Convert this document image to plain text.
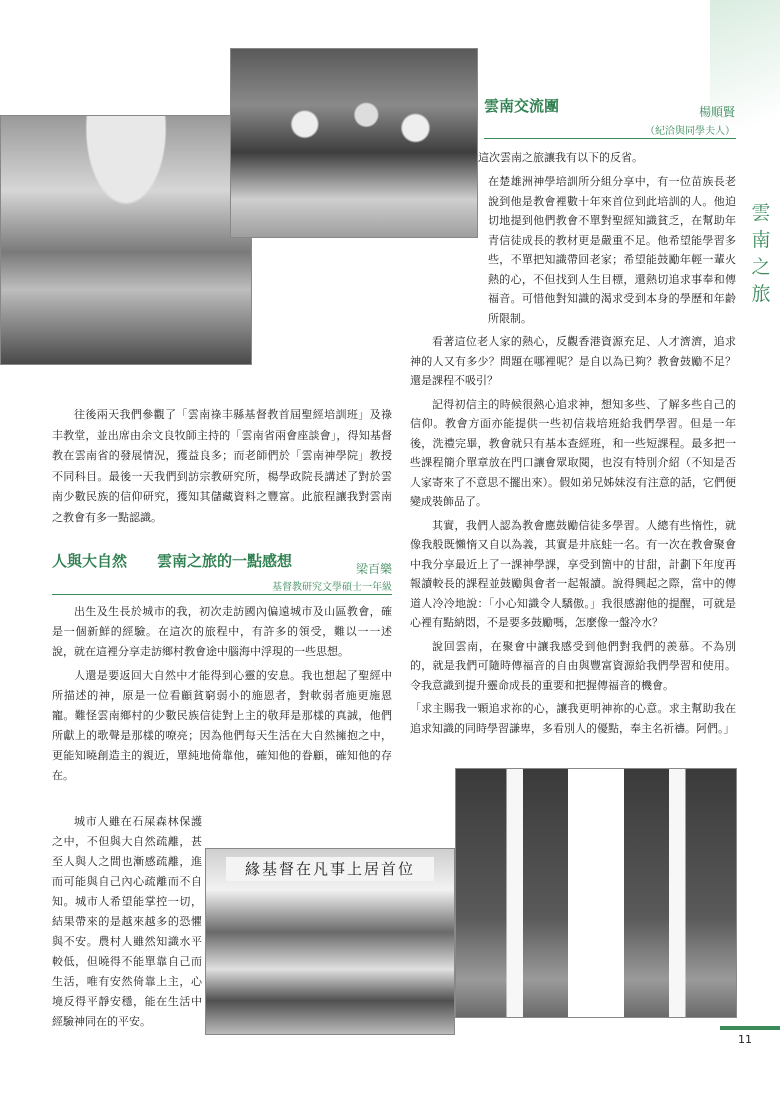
雲南之旅
緣基督在凡事上居首位
雲南交流團	楊順賢
（紀洽與同學夫人）

這次雲南之旅讓我有以下的反省。

在楚雄洲神學培訓所分組分享中，有一位苗族長老說到他是教會裡數十年來首位到此培訓的人。他迫切地提到他們教會不單對聖經知識貧乏，在幫助年青信徒成長的教材更是嚴重不足。他希望能學習多些，不單把知識帶回老家；希望能鼓勵年輕一輩火熱的心，不但找到人生目標，還熱切追求事奉和傳福音。可惜他對知識的渴求受到本身的學歷和年齡所限制。

看著這位老人家的熱心，反觀香港資源充足、人才濟濟，追求神的人又有多少？問題在哪裡呢？是自以為已夠？教會鼓勵不足？還是課程不吸引？

記得初信主的時候很熱心追求神，想知多些、了解多些自己的信仰。教會方面亦能提供一些初信栽培班給我們學習。但是一年後，洗禮完畢，教會就只有基本查經班，和一些短課程。最多把一些課程簡介單章放在門口讓會眾取閱，也沒有特別介紹（不知是否人家寄來了不意思不擺出來）。假如弟兄姊妹沒有注意的話，它們便變成裝飾品了。

其實，我們人認為教會應鼓勵信徒多學習。人總有些惰性，就像我般既懶惰又自以為義，其實是井底蛙一名。有一次在教會聚會中我分享最近上了一課神學課，享受到箇中的甘甜，計劃下年度再報讀較長的課程並鼓勵與會者一起報讀。說得興起之際，當中的傳道人冷冷地說：「小心知識令人驕傲。」我很感謝他的提醒，可就是心裡有點納悶，不是要多鼓勵嗎，怎麼像一盤冷水？

說回雲南，在聚會中讓我感受到他們對我們的羨慕。不為別的，就是我們可隨時傳福音的自由與豐富資源給我們學習和使用。令我意識到提升靈命成長的重要和把握傳福音的機會。

「求主賜我一顆追求祢的心，讓我更明神祢的心意。求主幫助我在追求知識的同時學習謙卑，多看別人的優點，奉主名祈禱。阿們。」

往後兩天我們參觀了「雲南祿丰縣基督教首屆聖經培訓班」及祿丰教堂，並出席由余文良牧師主持的「雲南省兩會座談會」，得知基督教在雲南省的發展情況，獲益良多；而老師們於「雲南神學院」教授不同科目。最後一天我們到訪宗教研究所，楊學政院長講述了對於雲南少數民族的信仰研究，獲知其儲藏資料之豐富。此旅程讓我對雲南之教會有多一點認識。

人與大自然　　雲南之旅的一點感想	梁百樂
基督教研究文學碩士一年級

出生及生長於城市的我，初次走訪國內偏遠城市及山區教會，確是一個新鮮的經驗。在這次的旅程中，有許多的領受，難以一一述說，就在這裡分享走訪鄉村教會途中腦海中浮現的一些思想。

人還是要返回大自然中才能得到心靈的安息。我也想起了聖經中所描述的神，原是一位看顧貧窮弱小的施恩者，對軟弱者施更施恩寵。難怪雲南鄉村的少數民族信徒對上主的敬拜是那樣的真誠，他們所獻上的歌聲是那樣的嘹亮；因為他們每天生活在大自然擁抱之中，更能知曉創造主的親近，單純地倚靠他，確知他的眷顧，確知他的存在。

城市人雖在石屎森林保護之中，不但與大自然疏離，甚至人與人之間也漸感疏離，進而可能與自己內心疏離而不自知。城市人希望能掌控一切，結果帶來的是越來越多的恐懼與不安。農村人雖然知識水平較低，但曉得不能單靠自己而生活，唯有安然倚靠上主，心境反得平靜安穩，能在生活中經驗神同在的平安。

11
